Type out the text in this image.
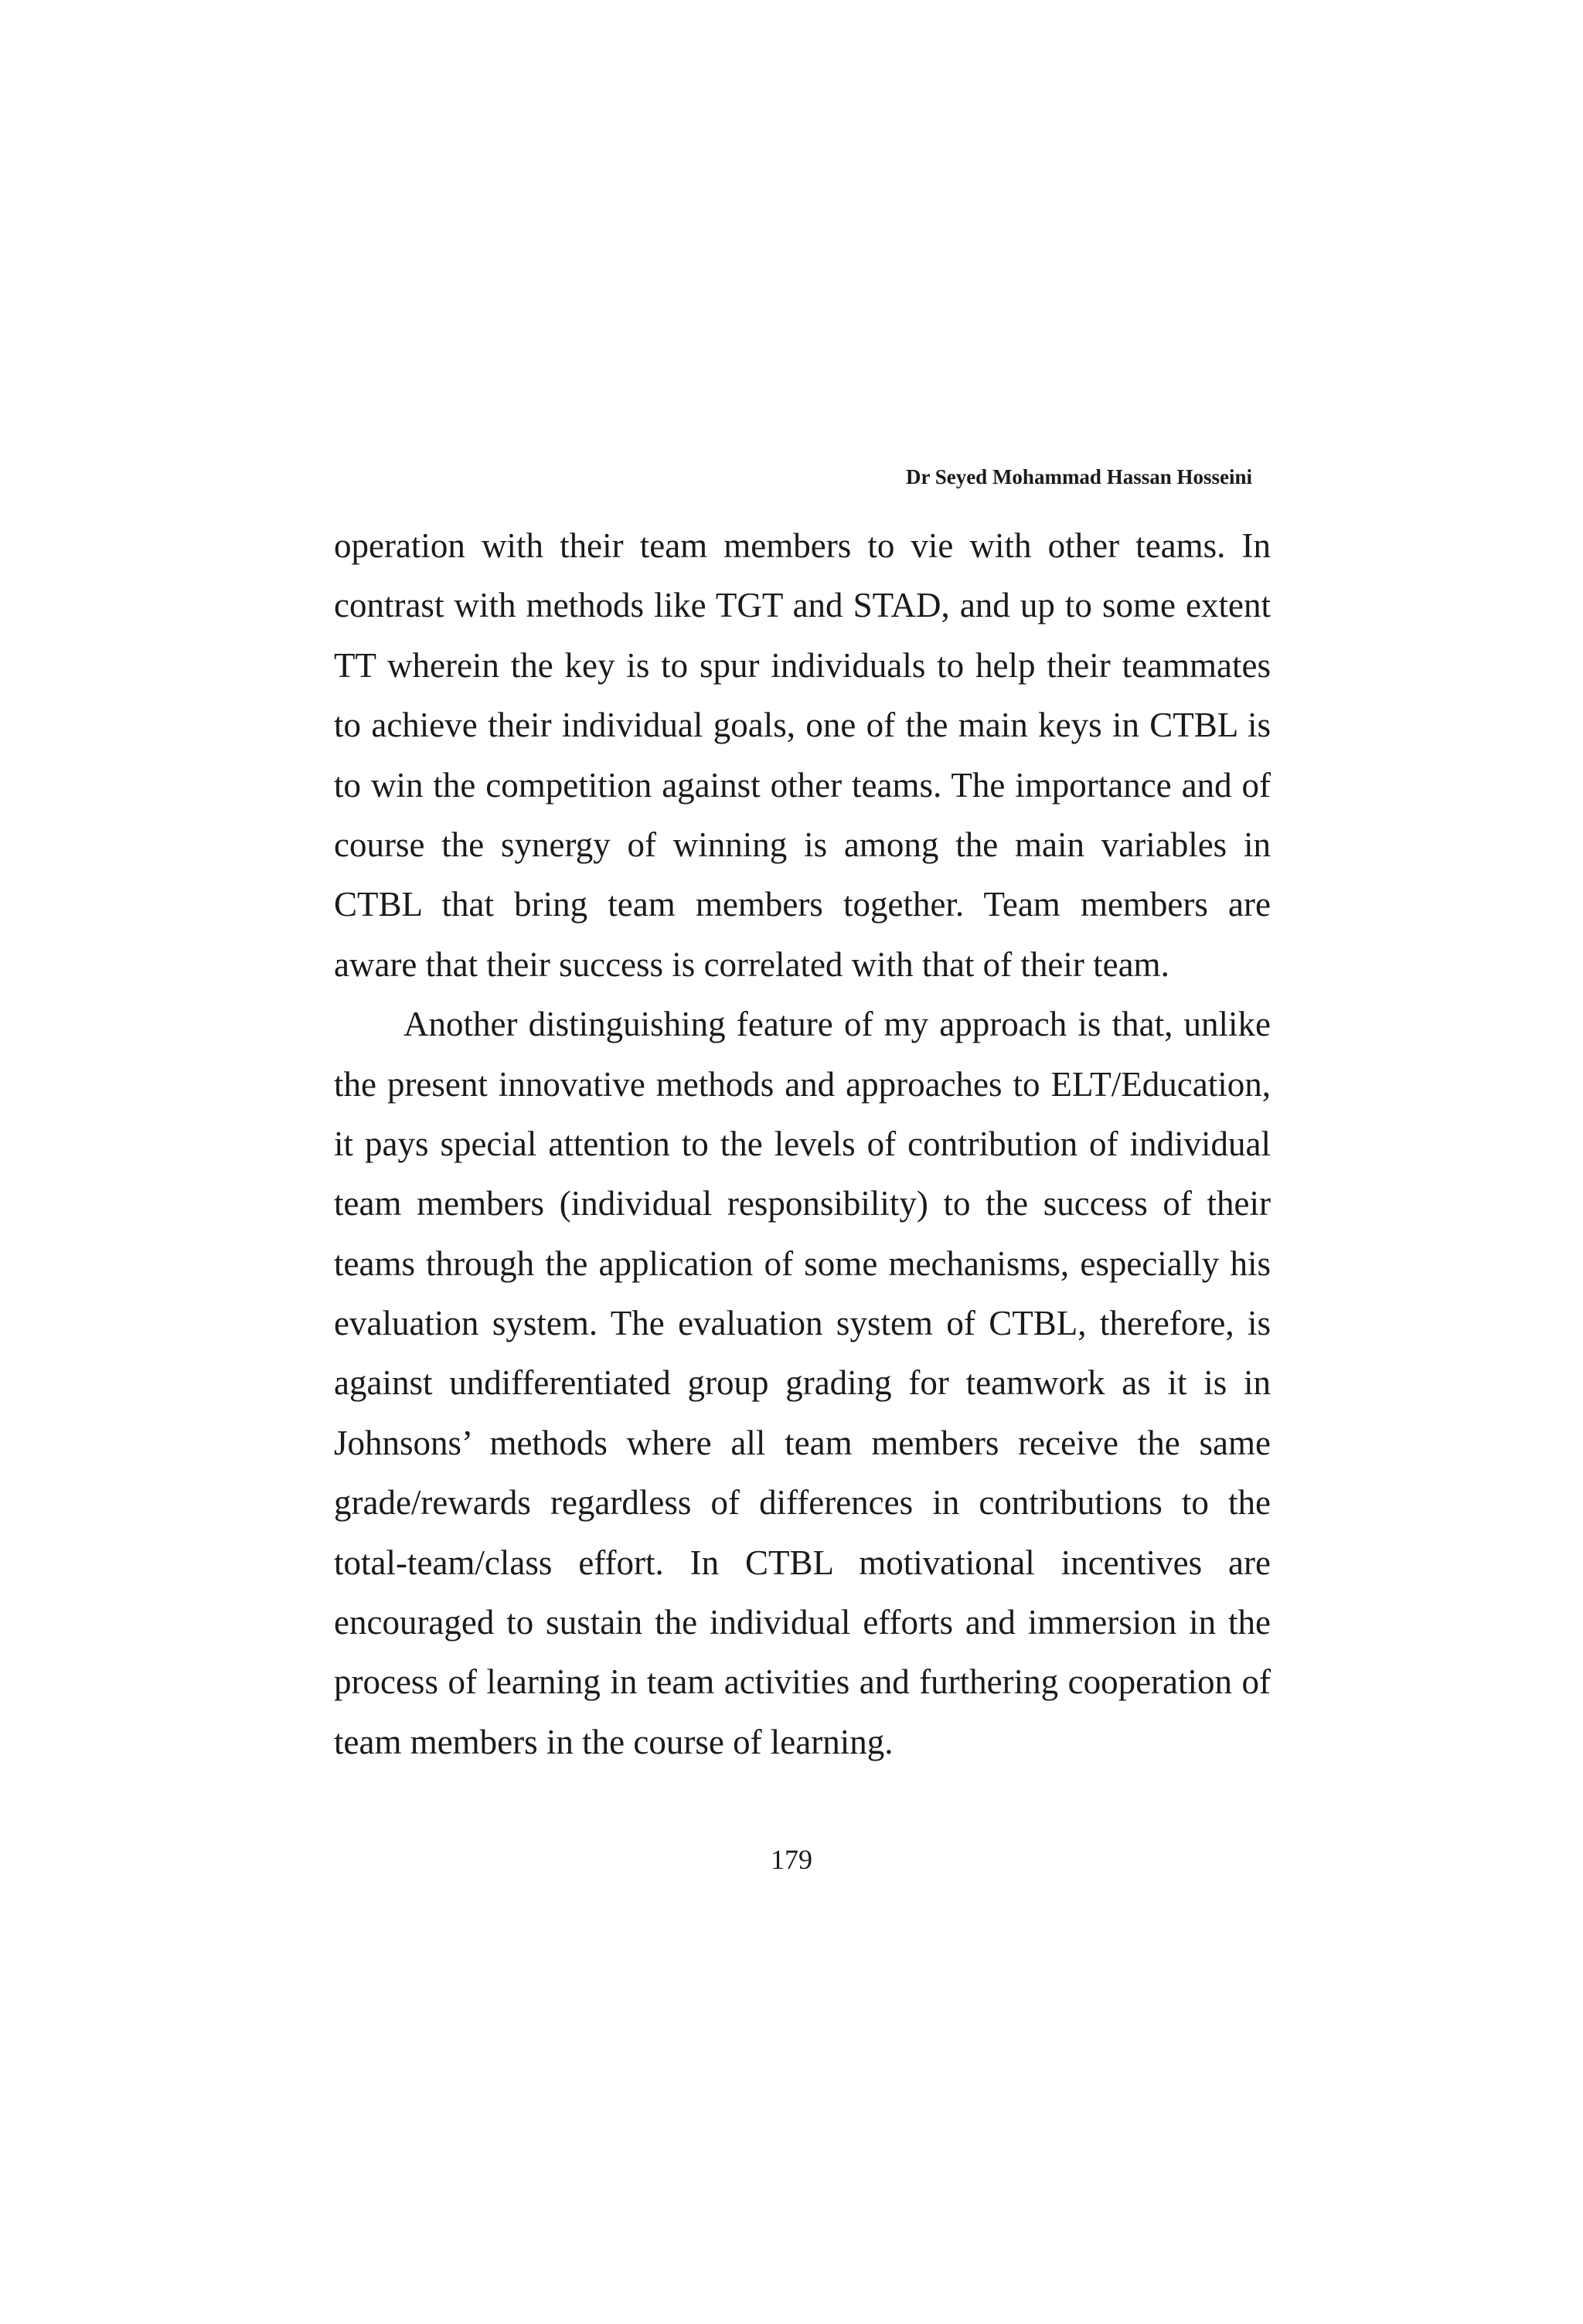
Dr Seyed Mohammad Hassan Hosseini
operation with their team members to vie with other teams. In
contrast with methods like TGT and STAD, and up to some extent
TT wherein the key is to spur individuals to help their teammates
to achieve their individual goals, one of the main keys in CTBL is
to win the competition against other teams. The importance and of
course the synergy of winning is among the main variables in
CTBL that bring team members together. Team members are
aware that their success is correlated with that of their team.
Another distinguishing feature of my approach is that, unlike
the present innovative methods and approaches to ELT/Education,
it pays special attention to the levels of contribution of individual
team members (individual responsibility) to the success of their
teams through the application of some mechanisms, especially his
evaluation system. The evaluation system of CTBL, therefore, is
against undifferentiated group grading for teamwork as it is in
Johnsons’ methods where all team members receive the same
grade/rewards regardless of differences in contributions to the
total-team/class effort. In CTBL motivational incentives are
encouraged to sustain the individual efforts and immersion in the
process of learning in team activities and furthering cooperation of
team members in the course of learning.
179
